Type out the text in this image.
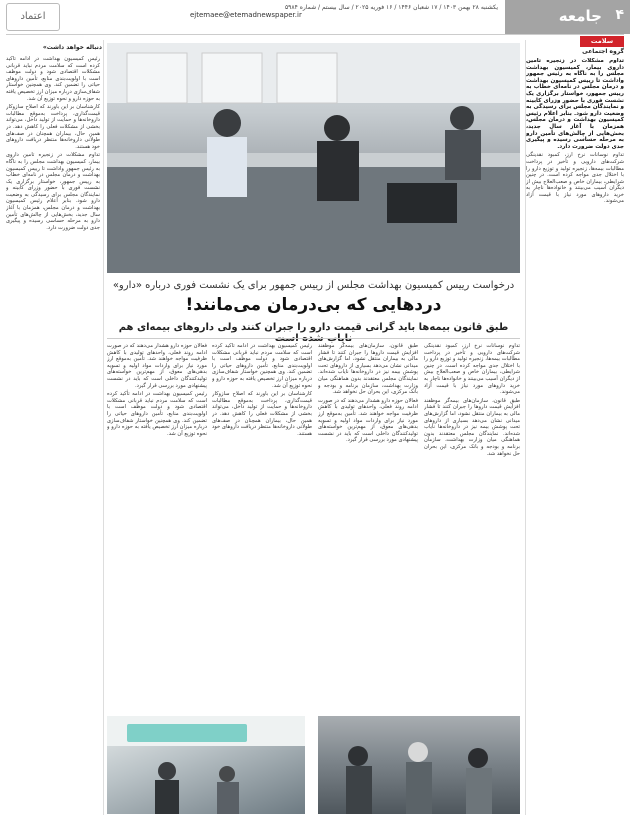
جامعه ۴
یکشنبه ۲۸ بهمن ۱۴۰۳ / ۱۷ شعبان ۱۴۴۶ / ۱۶ فوریه ۲۰۲۵ / سال بیستم / شماره ۵۹۸۴
ejtemaee@etemadnewspaper.ir
اعتماد
سلامت
گروه اجتماعی
دنباله خواهد داشت»

تداوم مشکلات در زنجیره تامین داروی بیمار، کمیسیون بهداشت مجلس را به ناگاه به رئیس جمهور واداشت تا رییس کمیسیون بهداشت و درمان مجلس در نامه‌ای خطاب به رییس جمهور، خواستار برگزاری یک نشست فوری با حضور وزرای کابینه و نمایندگان مجلس برای رسیدگی به وضعیت دارو شود. بنابر اعلام رئیس کمیسیون بهداشت و درمان مجلس، همزمان با آغاز سال جدید، بخش‌هایی از چالش‌های تأمین دارو به مرحله حساسی رسیده و پیگیری جدی دولت ضرورت دارد.

تداوم نوسانات نرخ ارز، کمبود نقدینگی شرکت‌های دارویی و تأخیر در پرداخت مطالبات بیمه‌ها، زنجیره تولید و توزیع دارو را با اختلال جدی مواجه کرده است. در چنین شرایطی، بیماران خاص و صعب‌العلاج بیش از دیگران آسیب می‌بینند و خانواده‌ها ناچار به خرید داروهای مورد نیاز با قیمت آزاد می‌شوند.

درخواست رییس کمیسیون بهداشت مجلس از رییس جمهور برای یک نشست فوری درباره «دارو»
دردهایی که بی‌درمان می‌مانند!
طبق قانون بیمه‌ها باید گرانی قیمت دارو را جبران کنند ولی داروهای بیمه‌ای هم

طبق قانون، سازمان‌های بیمه‌گر موظفند افزایش قیمت داروها را جبران کنند تا فشار مالی به بیماران منتقل نشود، اما گزارش‌های میدانی نشان می‌دهد بسیاری از داروهای تحت پوشش بیمه نیز در داروخانه‌ها نایاب شده‌اند. نمایندگان مجلس معتقدند بدون هماهنگی میان وزارت بهداشت، سازمان برنامه و بودجه و بانک مرکزی، این بحران حل نخواهد شد.

فعالان حوزه دارو هشدار می‌دهند که در صورت ادامه روند فعلی، واحدهای تولیدی با کاهش ظرفیت مواجه خواهند شد. تأمین به‌موقع ارز مورد نیاز برای واردات مواد اولیه و تسویه بدهی‌های معوق، از مهم‌ترین خواسته‌های تولیدکنندگان داخلی است که باید در نشست پیشنهادی مورد بررسی قرار گیرد.

رئیس کمیسیون بهداشت در ادامه تأکید کرده است که سلامت مردم نباید قربانی مشکلات اقتصادی شود و دولت موظف است با اولویت‌بندی منابع، تأمین داروهای حیاتی را تضمین کند. وی همچنین خواستار شفاف‌سازی درباره میزان ارز تخصیص یافته به حوزه دارو و نحوه توزیع آن شد.

کارشناسان بر این باورند که اصلاح سازوکار قیمت‌گذاری، پرداخت به‌موقع مطالبات داروخانه‌ها و حمایت از تولید داخل، می‌تواند بخشی از مشکلات فعلی را کاهش دهد. در همین حال، بیماران همچنان در صف‌های طولانی داروخانه‌ها منتظر دریافت داروهای خود هستند.

تداوم نوسانات نرخ ارز، کمبود نقدینگی شرکت‌های دارویی و تأخیر در پرداخت مطالبات بیمه‌ها، زنجیره تولید و توزیع دارو را با اختلال جدی مواجه کرده است. در چنین شرایطی، بیماران خاص و صعب‌العلاج بیش از دیگران آسیب می‌بینند و خانواده‌ها ناچار به خرید داروهای مورد نیاز با قیمت آزاد می‌شوند.

طبق قانون، سازمان‌های بیمه‌گر موظفند افزایش قیمت داروها را جبران کنند تا فشار مالی به بیماران منتقل نشود، اما گزارش‌های میدانی نشان می‌دهد بسیاری از داروهای تحت پوشش بیمه نیز در داروخانه‌ها نایاب شده‌اند. نمایندگان مجلس معتقدند بدون هماهنگی میان وزارت بهداشت، سازمان برنامه و بودجه و بانک مرکزی، این بحران حل نخواهد شد.

فعالان حوزه دارو هشدار می‌دهند که در صورت ادامه روند فعلی، واحدهای تولیدی با کاهش ظرفیت مواجه خواهند شد. تأمین به‌موقع ارز مورد نیاز برای واردات مواد اولیه و تسویه بدهی‌های معوق، از مهم‌ترین خواسته‌های تولیدکنندگان داخلی است که باید در نشست پیشنهادی مورد بررسی قرار گیرد.

رئیس کمیسیون بهداشت در ادامه تأکید کرده است که سلامت مردم نباید قربانی مشکلات اقتصادی شود و دولت موظف است با اولویت‌بندی منابع، تأمین داروهای حیاتی را تضمین کند. وی همچنین خواستار شفاف‌سازی درباره میزان ارز تخصیص یافته به حوزه دارو و نحوه توزیع آن شد.

رئیس کمیسیون بهداشت در ادامه تأکید کرده است که سلامت مردم نباید قربانی مشکلات اقتصادی شود و دولت موظف است با اولویت‌بندی منابع، تأمین داروهای حیاتی را تضمین کند. وی همچنین خواستار شفاف‌سازی درباره میزان ارز تخصیص یافته به حوزه دارو و نحوه توزیع آن شد.

کارشناسان بر این باورند که اصلاح سازوکار قیمت‌گذاری، پرداخت به‌موقع مطالبات داروخانه‌ها و حمایت از تولید داخل، می‌تواند بخشی از مشکلات فعلی را کاهش دهد. در همین حال، بیماران همچنان در صف‌های طولانی داروخانه‌ها منتظر دریافت داروهای خود هستند.

تداوم مشکلات در زنجیره تامین داروی بیمار، کمیسیون بهداشت مجلس را به ناگاه به رئیس جمهور واداشت تا رییس کمیسیون بهداشت و درمان مجلس در نامه‌ای خطاب به رییس جمهور، خواستار برگزاری یک نشست فوری با حضور وزرای کابینه و نمایندگان مجلس برای رسیدگی به وضعیت دارو شود. بنابر اعلام رئیس کمیسیون بهداشت و درمان مجلس، همزمان با آغاز سال جدید، بخش‌هایی از چالش‌های تأمین دارو به مرحله حساسی رسیده و پیگیری جدی دولت ضرورت دارد.
